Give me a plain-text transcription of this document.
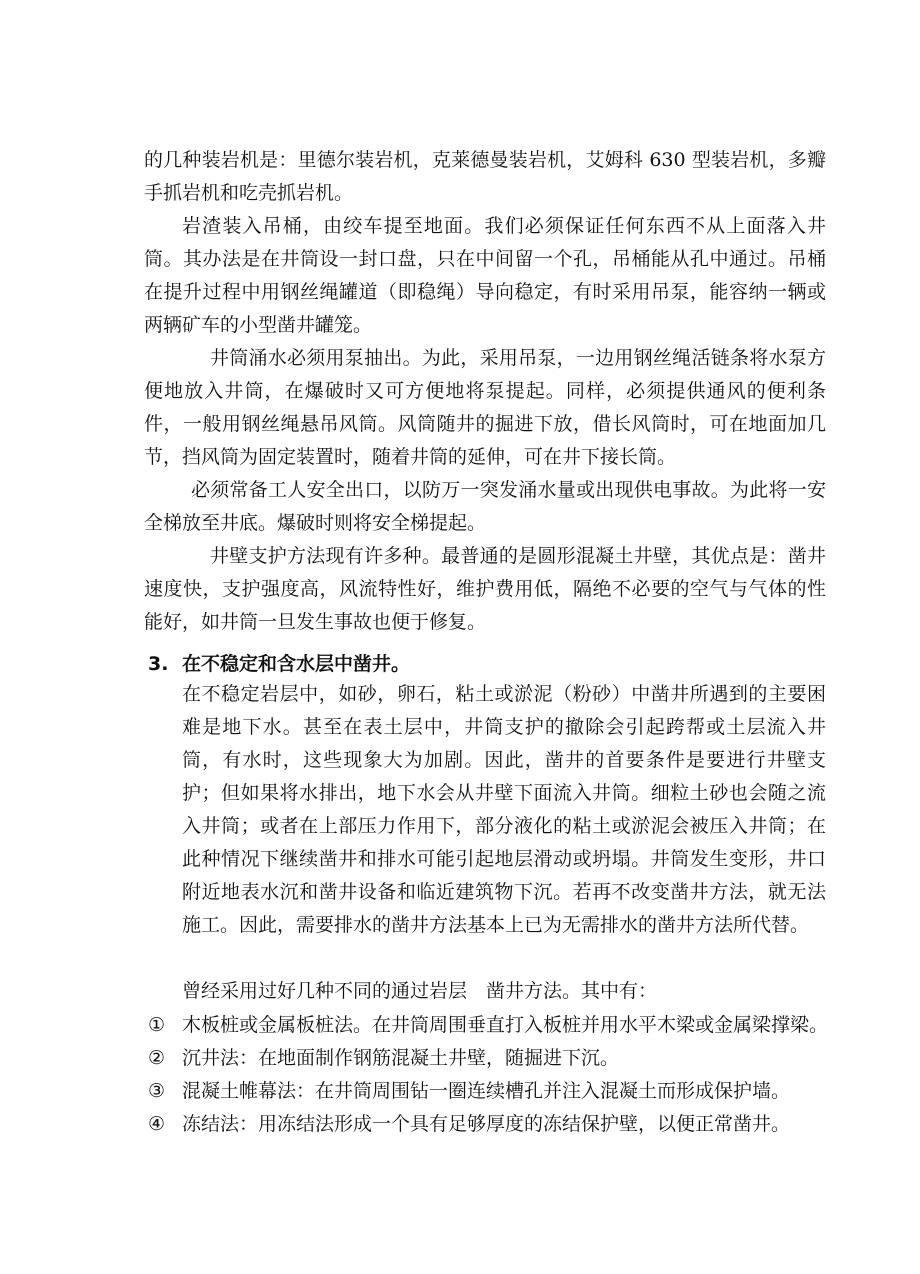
的几种装岩机是：里德尔装岩机，克莱德曼装岩机，艾姆科 630 型装岩机，多瓣手抓岩机和吃壳抓岩机。

岩渣装入吊桶，由绞车提至地面。我们必须保证任何东西不从上面落入井筒。其办法是在井筒设一封口盘，只在中间留一个孔，吊桶能从孔中通过。吊桶在提升过程中用钢丝绳罐道（即稳绳）导向稳定，有时采用吊泵，能容纳一辆或两辆矿车的小型凿井罐笼。

井筒涌水必须用泵抽出。为此，采用吊泵，一边用钢丝绳活链条将水泵方便地放入井筒，在爆破时又可方便地将泵提起。同样，必须提供通风的便利条件，一般用钢丝绳悬吊风筒。风筒随井的掘进下放，借长风筒时，可在地面加几节，挡风筒为固定装置时，随着井筒的延伸，可在井下接长筒。

必须常备工人安全出口，以防万一突发涌水量或出现供电事故。为此将一安全梯放至井底。爆破时则将安全梯提起。

井壁支护方法现有许多种。最普通的是圆形混凝土井壁，其优点是：凿井速度快，支护强度高，风流特性好，维护费用低，隔绝不必要的空气与气体的性能好，如井筒一旦发生事故也便于修复。

3. 在不稳定和含水层中凿井。

在不稳定岩层中，如砂，卵石，粘土或淤泥（粉砂）中凿井所遇到的主要困难是地下水。甚至在表土层中，井筒支护的撤除会引起跨帮或土层流入井筒，有水时，这些现象大为加剧。因此，凿井的首要条件是要进行井壁支护；但如果将水排出，地下水会从井壁下面流入井筒。细粒土砂也会随之流入井筒；或者在上部压力作用下，部分液化的粘土或淤泥会被压入井筒；在此种情况下继续凿井和排水可能引起地层滑动或坍塌。井筒发生变形，井口附近地表水沉和凿井设备和临近建筑物下沉。若再不改变凿井方法，就无法施工。因此，需要排水的凿井方法基本上已为无需排水的凿井方法所代替。

曾经采用过好几种不同的通过岩层　凿井方法。其中有：

① 木板桩或金属板桩法。在井筒周围垂直打入板桩并用水平木梁或金属梁撑梁。
② 沉井法：在地面制作钢筋混凝土井壁，随掘进下沉。
③ 混凝土帷幕法：在井筒周围钻一圈连续槽孔并注入混凝土而形成保护墙。
④ 冻结法：用冻结法形成一个具有足够厚度的冻结保护壁，以便正常凿井。
